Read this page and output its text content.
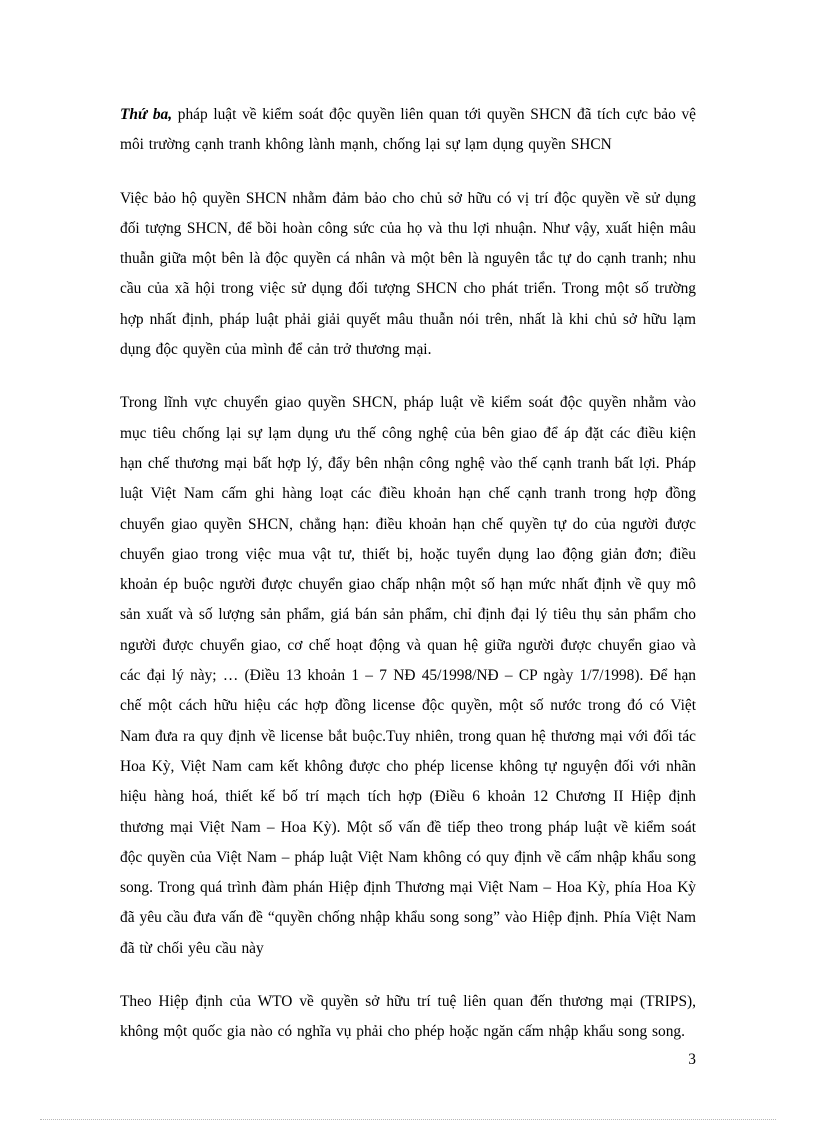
Thứ ba, pháp luật về kiểm soát độc quyền liên quan tới quyền SHCN đã tích cực bảo vệ môi trường cạnh tranh không lành mạnh, chống lại sự lạm dụng quyền SHCN

Việc bảo hộ quyền SHCN nhằm đảm bảo cho chủ sở hữu có vị trí độc quyền về sử dụng đối tượng SHCN, để bồi hoàn công sức của họ và thu lợi nhuận. Như vậy, xuất hiện mâu thuẫn giữa một bên là độc quyền cá nhân và một bên là nguyên tắc tự do cạnh tranh; nhu cầu của xã hội trong việc sử dụng đối tượng SHCN cho phát triển. Trong một số trường hợp nhất định, pháp luật phải giải quyết mâu thuẫn nói trên, nhất là khi chủ sở hữu lạm dụng độc quyền của mình để cản trở thương mại.

Trong lĩnh vực chuyển giao quyền SHCN, pháp luật về kiểm soát độc quyền nhằm vào mục tiêu chống lại sự lạm dụng ưu thế công nghệ của bên giao để áp đặt các điều kiện hạn chế thương mại bất hợp lý, đẩy bên nhận công nghệ vào thế cạnh tranh bất lợi. Pháp luật Việt Nam cấm ghi hàng loạt các điều khoản hạn chế cạnh tranh trong hợp đồng chuyển giao quyền SHCN, chẳng hạn: điều khoản hạn chế quyền tự do của người được chuyển giao trong việc mua vật tư, thiết bị, hoặc tuyển dụng lao động giản đơn; điều khoản ép buộc người được chuyển giao chấp nhận một số hạn mức nhất định về quy mô sản xuất và số lượng sản phẩm, giá bán sản phẩm, chỉ định đại lý tiêu thụ sản phẩm cho người được chuyển giao, cơ chế hoạt động và quan hệ giữa người được chuyển giao và các đại lý này; … (Điều 13 khoản 1 – 7 NĐ 45/1998/NĐ – CP ngày 1/7/1998). Để hạn chế một cách hữu hiệu các hợp đồng license độc quyền, một số nước trong đó có Việt Nam đưa ra quy định về license bắt buộc.Tuy nhiên, trong quan hệ thương mại với đối tác Hoa Kỳ, Việt Nam cam kết không được cho phép license không tự nguyện đối với nhãn hiệu hàng hoá, thiết kế bố trí mạch tích hợp (Điều 6 khoản 12 Chương II Hiệp định thương mại Việt Nam – Hoa Kỳ). Một số vấn đề tiếp theo trong pháp luật về kiểm soát độc quyền của Việt Nam – pháp luật Việt Nam không có quy định về cấm nhập khẩu song song. Trong quá trình đàm phán Hiệp định Thương mại Việt Nam – Hoa Kỳ, phía Hoa Kỳ đã yêu cầu đưa vấn đề “quyền chống nhập khẩu song song” vào Hiệp định. Phía Việt Nam đã từ chối yêu cầu này

Theo Hiệp định của WTO về quyền sở hữu trí tuệ liên quan đến thương mại (TRIPS), không một quốc gia nào có nghĩa vụ phải cho phép hoặc ngăn cấm nhập khẩu song song.

3
